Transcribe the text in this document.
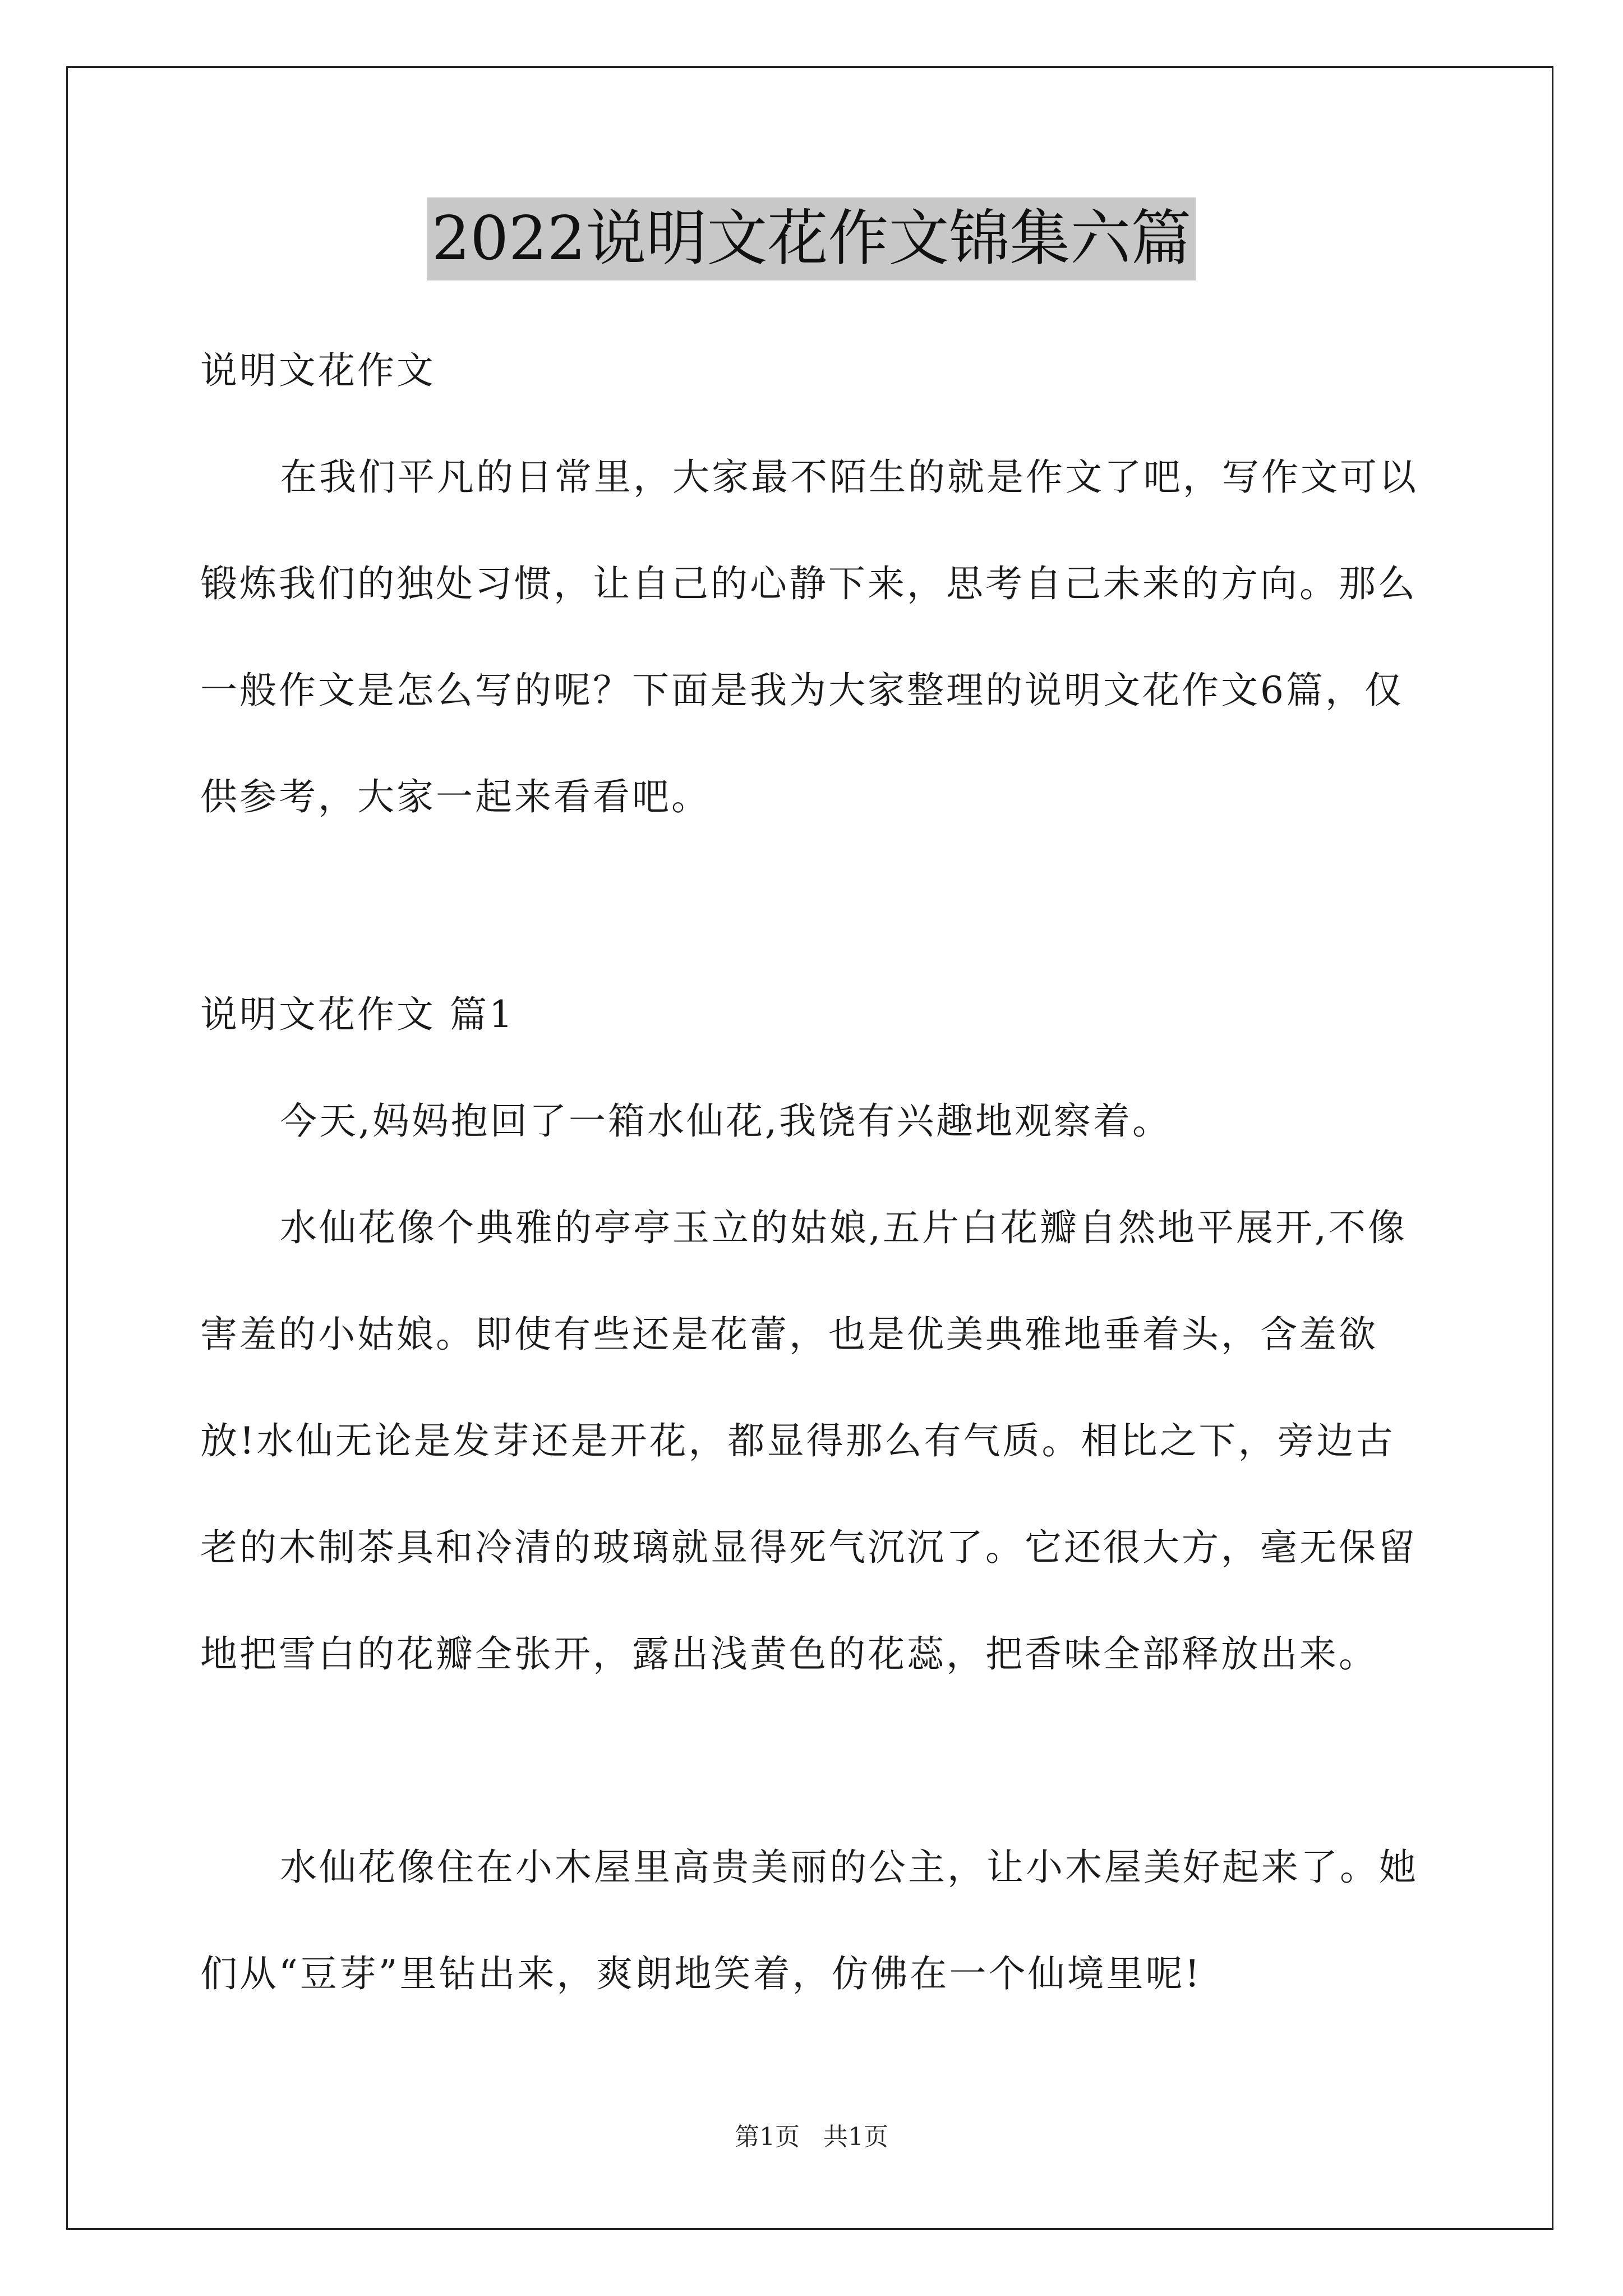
2022说明文花作文锦集六篇

说明文花作文

在我们平凡的日常里，大家最不陌生的就是作文了吧，写作文可以锻炼我们的独处习惯，让自己的心静下来，思考自己未来的方向。那么一般作文是怎么写的呢？下面是我为大家整理的说明文花作文6篇，仅供参考，大家一起来看看吧。

说明文花作文 篇1

今天,妈妈抱回了一箱水仙花,我饶有兴趣地观察着。

水仙花像个典雅的亭亭玉立的姑娘,五片白花瓣自然地平展开,不像害羞的小姑娘。即使有些还是花蕾，也是优美典雅地垂着头，含羞欲放!水仙无论是发芽还是开花，都显得那么有气质。相比之下，旁边古老的木制茶具和冷清的玻璃就显得死气沉沉了。它还很大方，毫无保留地把雪白的花瓣全张开，露出浅黄色的花蕊，把香味全部释放出来。

水仙花像住在小木屋里高贵美丽的公主，让小木屋美好起来了。她们从“豆芽”里钻出来，爽朗地笑着，仿佛在一个仙境里呢!

第1页 共1页
